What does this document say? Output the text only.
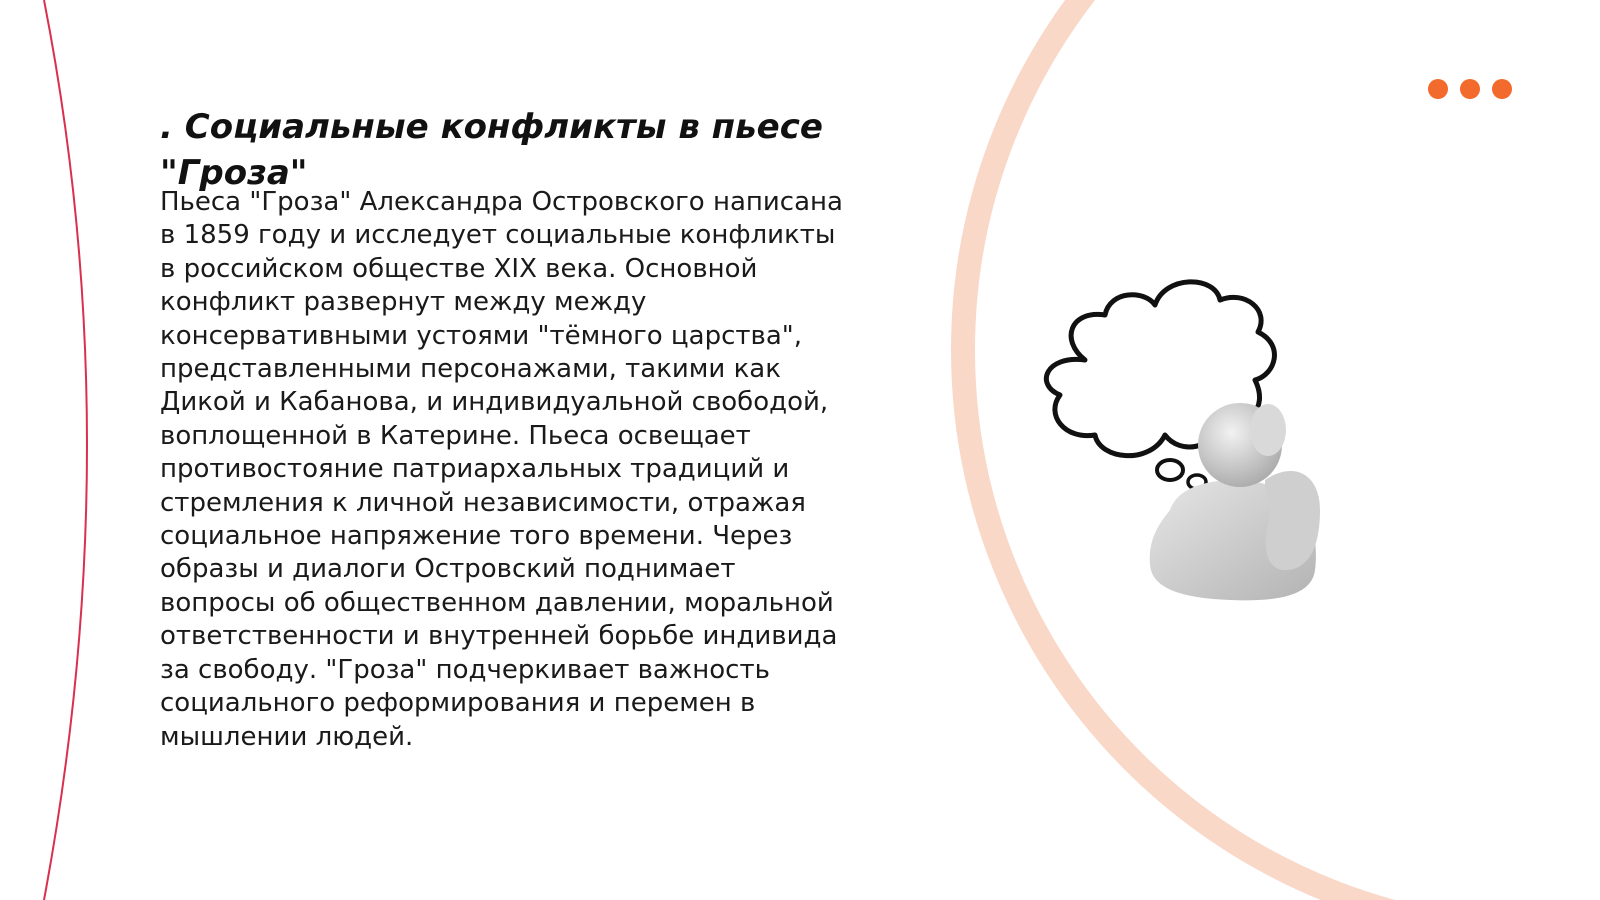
. Социальные конфликты в пьесе "Гроза"

Пьеса "Гроза" Александра Островского написана в 1859 году и исследует социальные конфликты в российском обществе XIX века. Основной конфликт развернут между между консервативными устоями "тёмного царства", представленными персонажами, такими как Дикой и Кабанова, и индивидуальной свободой, воплощенной в Катерине. Пьеса освещает противостояние патриархальных традиций и стремления к личной независимости, отражая социальное напряжение того времени. Через образы и диалоги Островский поднимает вопросы об общественном давлении, моральной ответственности и внутренней борьбе индивида за свободу. "Гроза" подчеркивает важность социального реформирования и перемен в мышлении людей.
